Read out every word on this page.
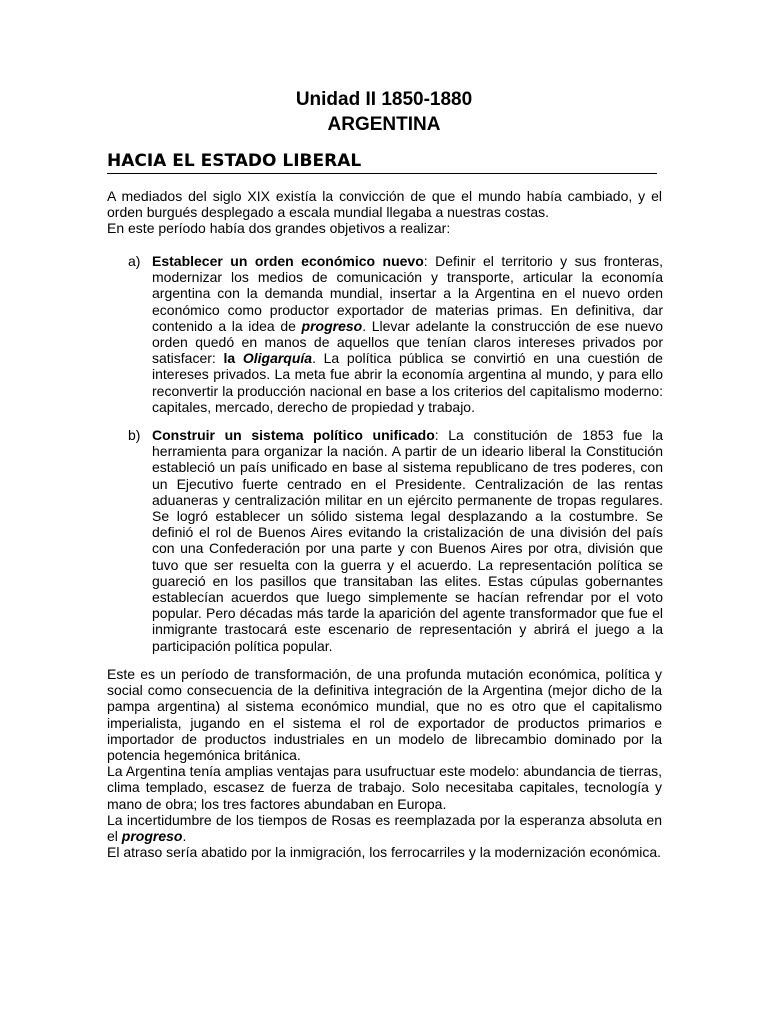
Unidad II 1850-1880
ARGENTINA
HACIA EL ESTADO LIBERAL

A mediados del siglo XIX existía la convicción de que el mundo había cambiado, y el orden burgués desplegado a escala mundial llegaba a nuestras costas.

En este período había dos grandes objetivos a realizar:

a) Establecer un orden económico nuevo: Definir el territorio y sus fronteras, modernizar los medios de comunicación y transporte, articular la economía argentina con la demanda mundial, insertar a la Argentina en el nuevo orden económico como productor exportador de materias primas. En definitiva, dar contenido a la idea de progreso. Llevar adelante la construcción de ese nuevo orden quedó en manos de aquellos que tenían claros intereses privados por satisfacer: la Oligarquía. La política pública se convirtió en una cuestión de intereses privados. La meta fue abrir la economía argentina al mundo, y para ello reconvertir la producción nacional en base a los criterios del capitalismo moderno: capitales, mercado, derecho de propiedad y trabajo.
b) Construir un sistema político unificado: La constitución de 1853 fue la herramienta para organizar la nación. A partir de un ideario liberal la Constitución estableció un país unificado en base al sistema republicano de tres poderes, con un Ejecutivo fuerte centrado en el Presidente. Centralización de las rentas aduaneras y centralización militar en un ejército permanente de tropas regulares. Se logró establecer un sólido sistema legal desplazando a la costumbre. Se definió el rol de Buenos Aires evitando la cristalización de una división del país con una Confederación por una parte y con Buenos Aires por otra, división que tuvo que ser resuelta con la guerra y el acuerdo. La representación política se guareció en los pasillos que transitaban las elites. Estas cúpulas gobernantes establecían acuerdos que luego simplemente se hacían refrendar por el voto popular. Pero décadas más tarde la aparición del agente transformador que fue el inmigrante trastocará este escenario de representación y abrirá el juego a la participación política popular.

Este es un período de transformación, de una profunda mutación económica, política y social como consecuencia de la definitiva integración de la Argentina (mejor dicho de la pampa argentina) al sistema económico mundial, que no es otro que el capitalismo imperialista, jugando en el sistema el rol de exportador de productos primarios e importador de productos industriales en un modelo de librecambio dominado por la potencia hegemónica británica.

La Argentina tenía amplias ventajas para usufructuar este modelo: abundancia de tierras, clima templado, escasez de fuerza de trabajo. Solo necesitaba capitales, tecnología y mano de obra; los tres factores abundaban en Europa.

La incertidumbre de los tiempos de Rosas es reemplazada por la esperanza absoluta en el progreso.

El atraso sería abatido por la inmigración, los ferrocarriles y la modernización económica.
